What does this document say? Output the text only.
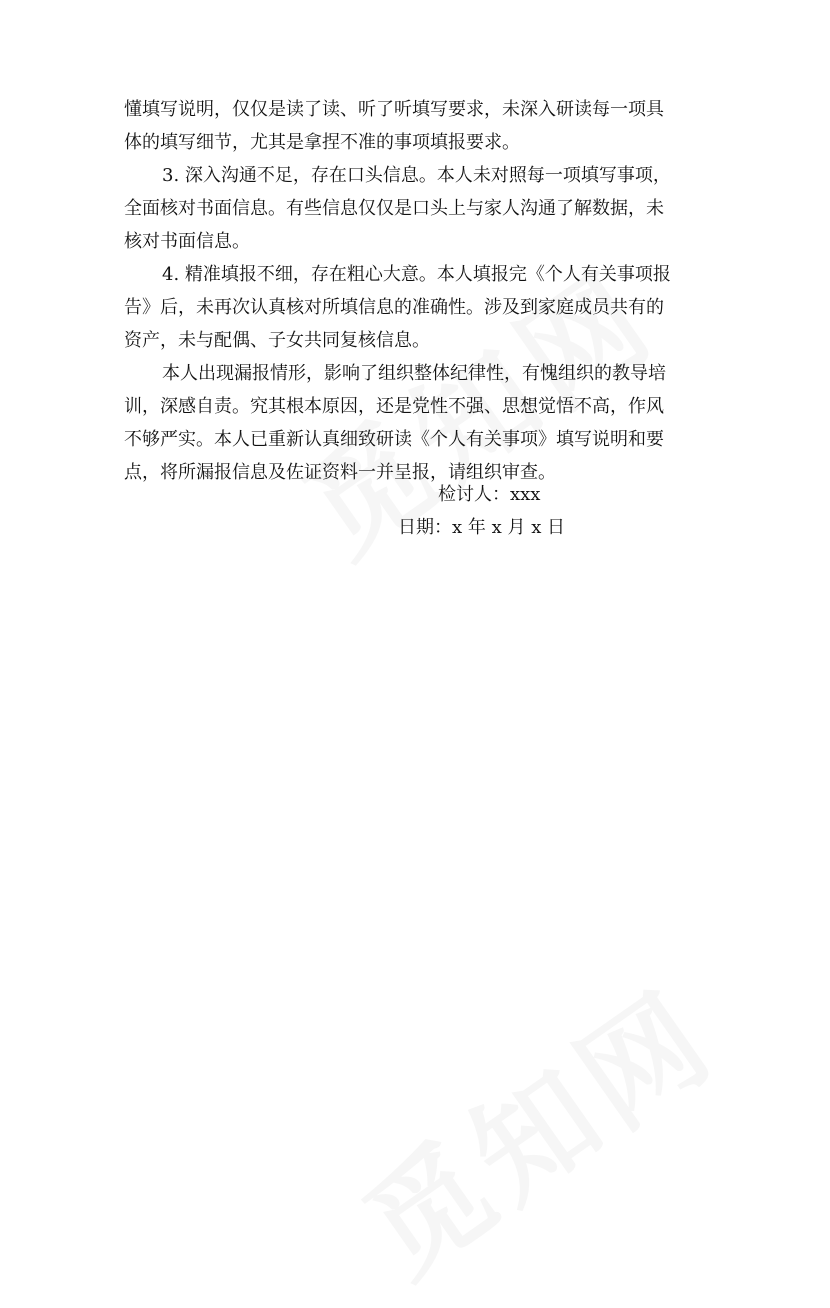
懂填写说明，仅仅是读了读、听了听填写要求，未深入研读每一项具
体的填写细节，尤其是拿捏不准的事项填报要求。
3. 深入沟通不足，存在口头信息。本人未对照每一项填写事项，
全面核对书面信息。有些信息仅仅是口头上与家人沟通了解数据，未
核对书面信息。
4. 精准填报不细，存在粗心大意。本人填报完《个人有关事项报
告》后，未再次认真核对所填信息的准确性。涉及到家庭成员共有的
资产，未与配偶、子女共同复核信息。
本人出现漏报情形，影响了组织整体纪律性，有愧组织的教导培
训，深感自责。究其根本原因，还是党性不强、思想觉悟不高，作风
不够严实。本人已重新认真细致研读《个人有关事项》填写说明和要
点，将所漏报信息及佐证资料一并呈报，请组织审查。
检讨人：xxx
日期：x 年 x 月 x 日
